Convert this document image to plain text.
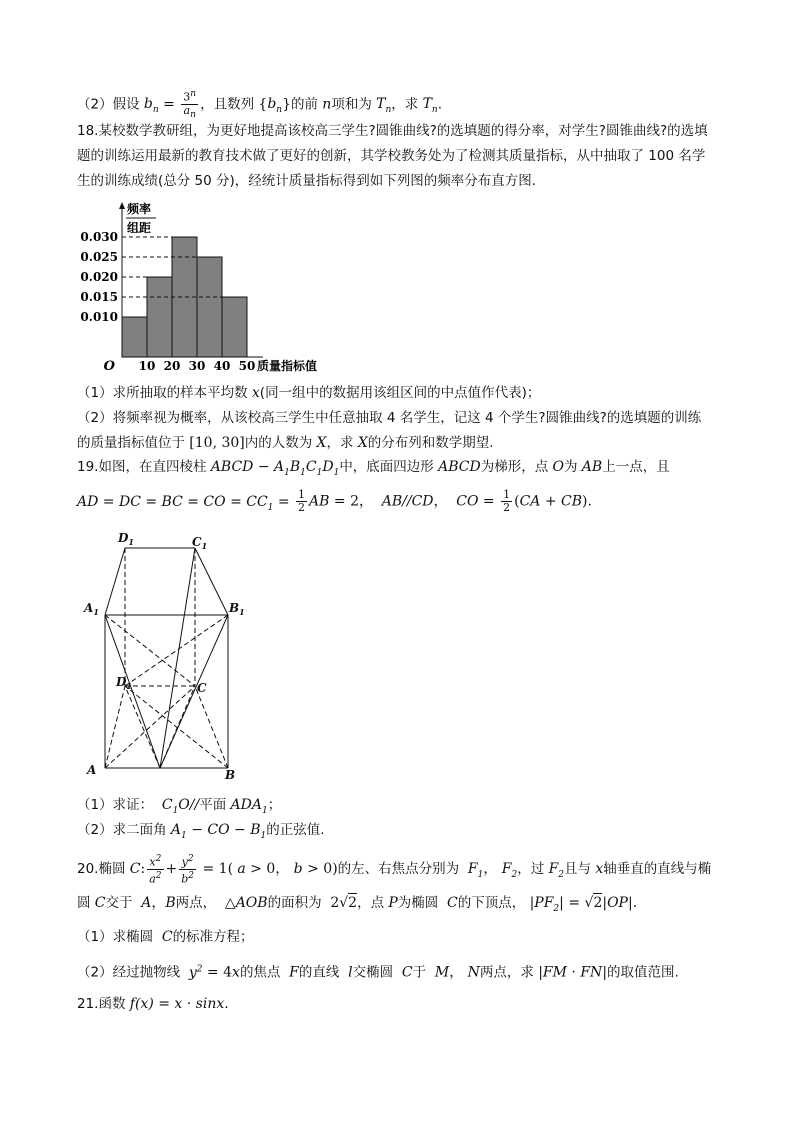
（2）假设 $b_n = \frac{3^n}{a_n}$ ，且数列 $\{b_n\}$的前 n项和为 $T_n$，求 $T_n$.
18.某校数学教研组，为更好地提高该校高三学生?圆锥曲线?的选填题的得分率，对学生?圆锥曲线?的选填
题的训练运用最新的教育技术做了更好的创新，其学校教务处为了检测其质量指标，从中抽取了 100 名学
生的训练成绩(总分 50 分)，经统计质量指标得到如下列图的频率分布直方图.
0.030
0.025
0.020
0.015
0.010
频率
组距
O 10 20 30 40 50 质量指标值
（1）求所抽取的样本平均数 x(同一组中的数据用该组区间的中点值作代表)；
（2）将频率视为概率，从该校高三学生中任意抽取 4 名学生，记这 4 个学生?圆锥曲线?的选填题的训练
的质量指标值位于 [10, 30]内的人数为 X，求 X的分布列和数学期望.
19.如图，在直四棱柱 ABCD − $A_1B_1C_1D_1$中，底面四边形 ABCD为梯形，点 O为 AB上一点，且
AD = DC = BC = CO = $CC_1 = \frac{1}{2}$ AB = 2，  AB//CD，  CO = $\frac{1}{2} (CA + CB)$.
$D_1$	$C_1$
$A_1$	$B_1$
$D_1$	C
A	B
（1）求证：  $C_1O//$平面 $ADA_1$；
（2）求二面角 $A_1$ − CO − $B_1$的正弦值.
20.椭圆 C: $\frac{x^2}{a^2} + \frac{y^2}{b^2} = 1$( a > 0， b > 0)的左、右焦点分别为  $F_1$， $F_2$，过 $F_2$且与 x轴垂直的直线与椭
圆 C交于  A，B两点，  △AOB的面积为  2√2，点 P为椭圆  C的下顶点， $|PF_2| = √2|OP|$.
（1）求椭圆  C的标准方程；
（2）经过抛物线  $y^2 = 4x$的焦点  F的直线  l交椭圆  C于  M， N两点，求 |FM · FN|的取值范围.
21.函数 f(x) = x · sinx.
